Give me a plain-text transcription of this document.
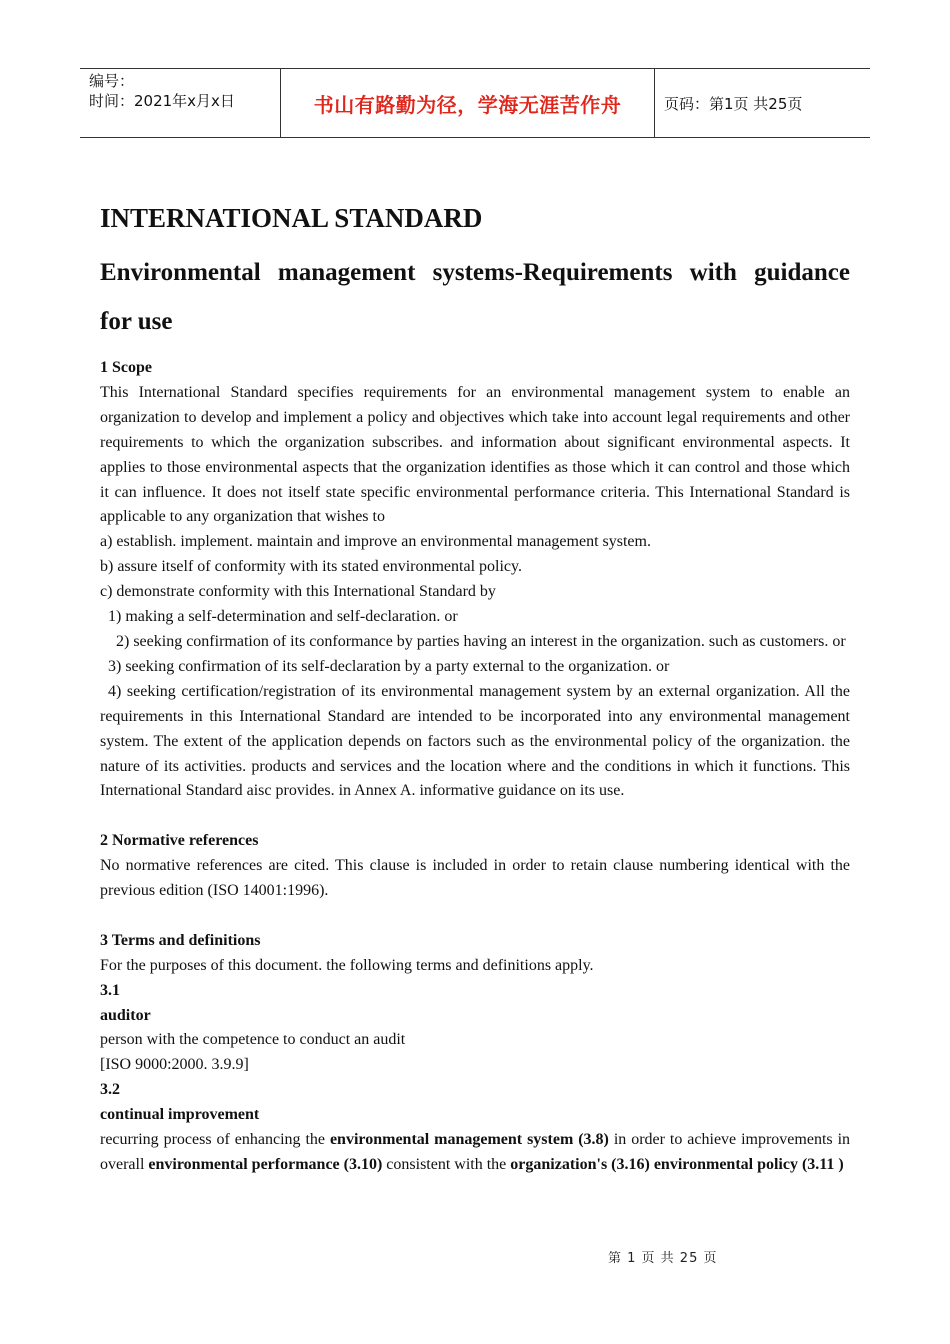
编号：
时间：2021年x月x日	书山有路勤为径，学海无涯苦作舟	页码：第1页 共25页
INTERNATIONAL STANDARD
Environmental management systems-Requirements with guidance
for use

1 Scope

This International Standard specifies requirements for an environmental management system to enable an organization to develop and implement a policy and objectives which take into account legal requirements and other requirements to which the organization subscribes. and information about significant environmental aspects. It applies to those environmental aspects that the organization identifies as those which it can control and those which it can influence. It does not itself state specific environmental performance criteria. This International Standard is applicable to any organization that wishes to

a) establish. implement. maintain and improve an environmental management system.

b) assure itself of conformity with its stated environmental policy.

c) demonstrate conformity with this International Standard by

1) making a self-determination and self-declaration. or

2) seeking confirmation of its conformance by parties having an interest in the organization. such as customers. or

3) seeking confirmation of its self-declaration by a party external to the organization. or

4) seeking certification/registration of its environmental management system by an external organization. All the requirements in this International Standard are intended to be incorporated into any environmental management system. The extent of the application depends on factors such as the environmental policy of the organization. the nature of its activities. products and services and the location where and the conditions in which it functions. This International Standard aisc provides. in Annex A. informative guidance on its use.

2 Normative references

No normative references are cited. This clause is included in order to retain clause numbering identical with the previous edition (ISO 14001:1996).

3 Terms and definitions

For the purposes of this document. the following terms and definitions apply.

3.1

auditor

person with the competence to conduct an audit

[ISO 9000:2000. 3.9.9]

3.2

continual improvement

recurring process of enhancing the environmental management system (3.8) in order to achieve improvements in overall environmental performance (3.10) consistent with the organization's (3.16) environmental policy (3.11 )

第 1 页 共 25 页
